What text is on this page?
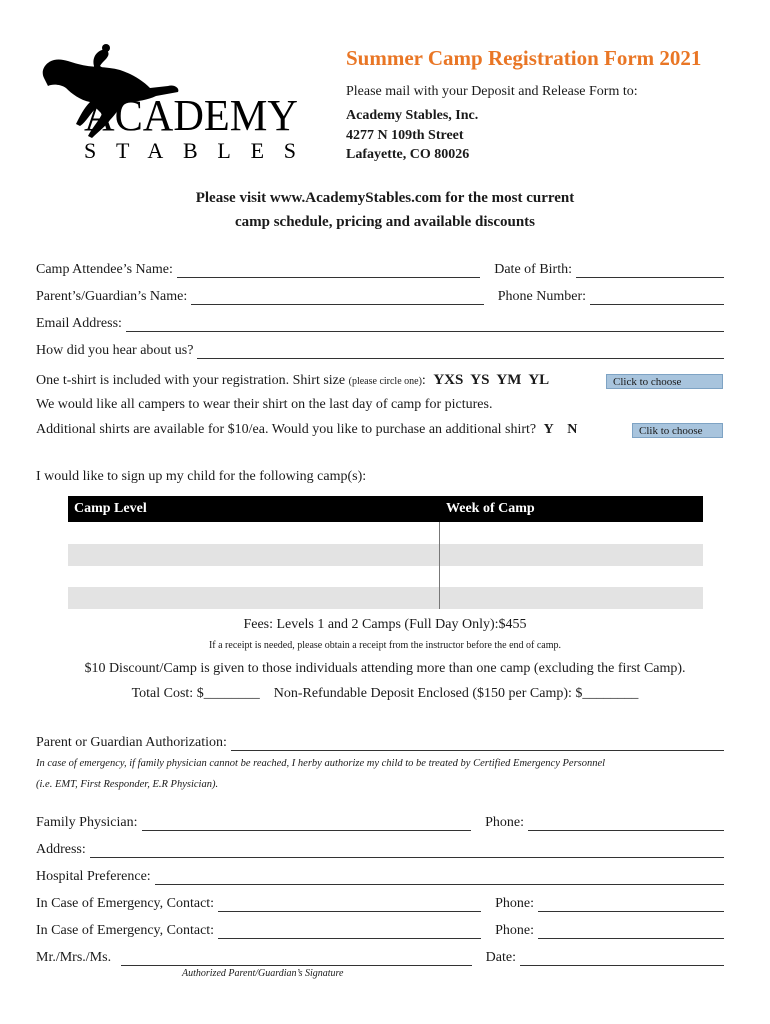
ACADEMY
STABLES
Summer Camp Registration Form 2021
Please mail with your Deposit and Release Form to:
Academy Stables, Inc.
4277 N 109th Street
Lafayette, CO 80026
Please visit www.AcademyStables.com for the most current
camp schedule, pricing and available discounts
Camp Attendee’s Name:	Date of Birth:
Parent’s/Guardian’s Name:	Phone Number:
Email Address:
How did you hear about us?
One t-shirt is included with your registration. Shirt size (please circle one): YXS  YS  YM  YL	Click to choose
We would like all campers to wear their shirt on the last day of camp for pictures.
Additional shirts are available for $10/ea. Would you like to purchase an additional shirt? Y    N	Clik to choose
I would like to sign up my child for the following camp(s):
Camp Level	Week of Camp
Fees: Levels 1 and 2 Camps (Full Day Only):$455
If a receipt is needed, please obtain a receipt from the instructor before the end of camp.
$10 Discount/Camp is given to those individuals attending more than one camp (excluding the first Camp).
Total Cost: $________ Non-Refundable Deposit Enclosed ($150 per Camp): $________
Parent or Guardian Authorization:
In case of emergency, if family physician cannot be reached, I herby authorize my child to be treated by Certified Emergency Personnel
(i.e. EMT, First Responder, E.R Physician).
Family Physician:	Phone:
Address:
Hospital Preference:
In Case of Emergency, Contact:	Phone:
In Case of Emergency, Contact:	Phone:
Mr./Mrs./Ms.	Date:
Authorized Parent/Guardian’s Signature
